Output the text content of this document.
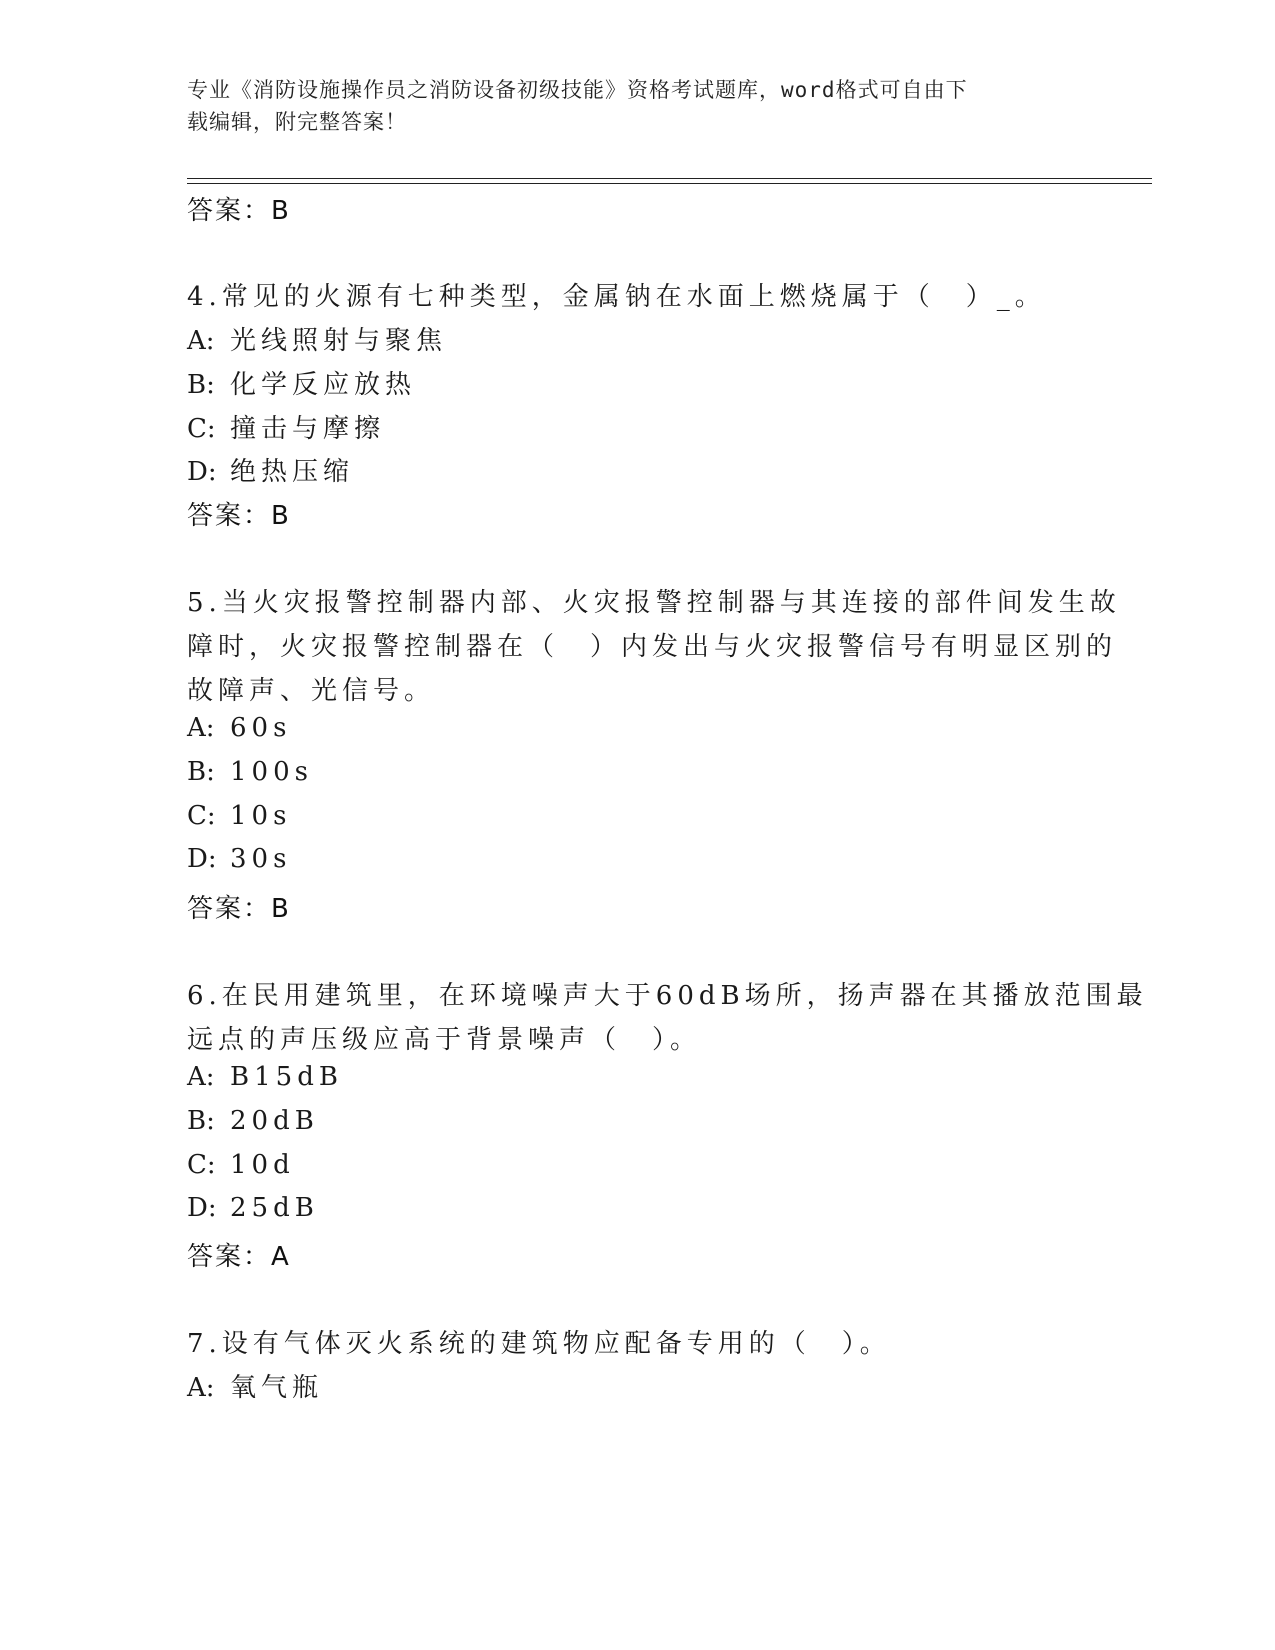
专业《消防设施操作员之消防设备初级技能》资格考试题库，word格式可自由下
载编辑，附完整答案！
答案：B
4.常见的火源有七种类型，金属钠在水面上燃烧属于（　）_。
A: 光线照射与聚焦
B: 化学反应放热
C: 撞击与摩擦
D: 绝热压缩
答案：B
5.当火灾报警控制器内部、火灾报警控制器与其连接的部件间发生故
障时，火灾报警控制器在（　）内发出与火灾报警信号有明显区别的
故障声、光信号。
A: 60s
B: 100s
C: 10s
D: 30s
答案：B
6.在民用建筑里，在环境噪声大于60dB场所，扬声器在其播放范围最
远点的声压级应高于背景噪声（　）。
A: B15dB
B: 20dB
C: 10d
D: 25dB
答案：A
7.设有气体灭火系统的建筑物应配备专用的（　）。
A: 氧气瓶
